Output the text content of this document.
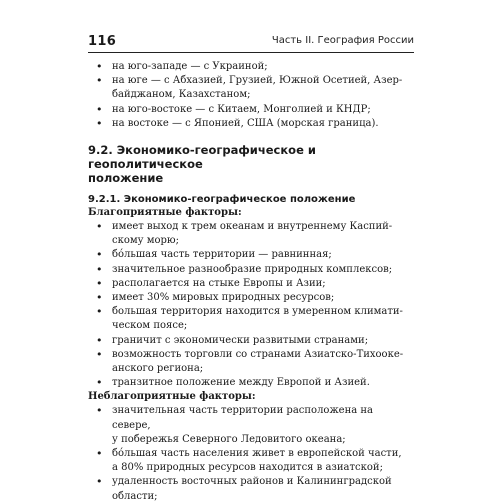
116	Часть II. География России
• на юго-западе — с Украиной;
• на юге — с Абхазией, Грузией, Южной Осетией, Азер-
байджаном, Казахстаном;
• на юго-востоке — с Китаем, Монголией и КНДР;
• на востоке — с Японией, США (морская граница).
9.2. Экономико-географическое и геополитическое
положение
9.2.1. Экономико-географическое положение
Благоприятные факторы:
• имеет выход к трем океанам и внутреннему Каспий-
скому морю;
• бóльшая часть территории — равнинная;
• значительное разнообразие природных комплексов;
• располагается на стыке Европы и Азии;
• имеет 30% мировых природных ресурсов;
• большая территория находится в умеренном климати-
ческом поясе;
• граничит с экономически развитыми странами;
• возможность торговли со странами Азиатско-Тихооке-
анского региона;
• транзитное положение между Европой и Азией.
Неблагоприятные факторы:
• значительная часть территории расположена на севере,
у побережья Северного Ледовитого океана;
• бóльшая часть населения живет в европейской части,
а 80% природных ресурсов находится в азиатской;
• удаленность восточных районов и Калининградской
области;
